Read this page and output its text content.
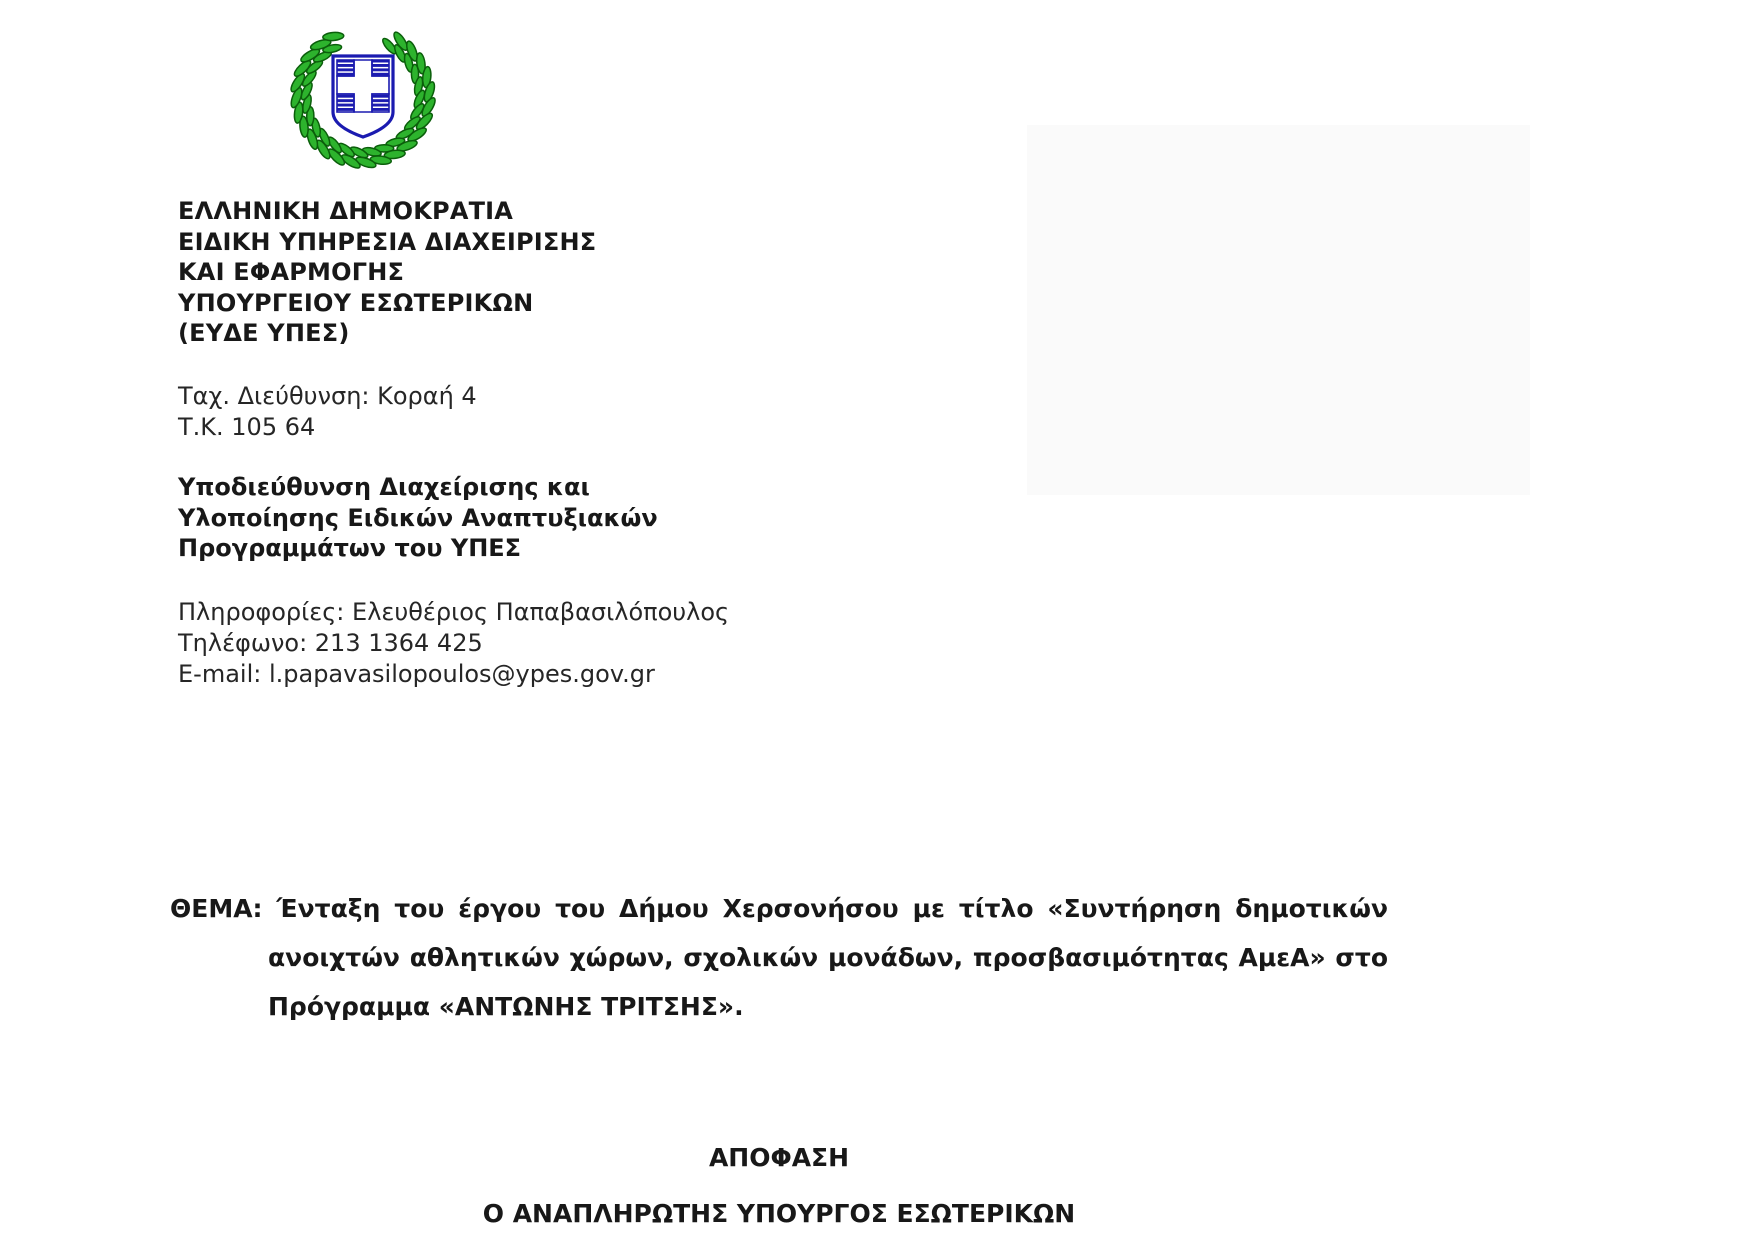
ΕΛΛΗΝΙΚΗ ΔΗΜΟΚΡΑΤΙΑ

ΕΙΔΙΚΗ ΥΠΗΡΕΣΙΑ ΔΙΑΧΕΙΡΙΣΗΣ

ΚΑΙ ΕΦΑΡΜΟΓΗΣ

ΥΠΟΥΡΓΕΙΟΥ ΕΣΩΤΕΡΙΚΩΝ

(ΕΥΔΕ ΥΠΕΣ)

Ταχ. Διεύθυνση: Κοραή 4

Τ.Κ. 105 64

Υποδιεύθυνση Διαχείρισης και

Υλοποίησης Ειδικών Αναπτυξιακών

Προγραμμάτων του ΥΠΕΣ

Πληροφορίες: Ελευθέριος Παπαβασιλόπουλος

Τηλέφωνο: 213 1364 425

E-mail: l.papavasilopoulos@ypes.gov.gr

ΘΕΜΑ: Ένταξη του έργου του Δήμου Χερσονήσου με τίτλο «Συντήρηση δημοτικών ανοιχτών αθλητικών χώρων, σχολικών μονάδων, προσβασιμότητας ΑμεΑ» στο Πρόγραμμα «ΑΝΤΩΝΗΣ ΤΡΙΤΣΗΣ».

ΑΠΟΦΑΣΗ

Ο ΑΝΑΠΛΗΡΩΤΗΣ ΥΠΟΥΡΓΟΣ ΕΣΩΤΕΡΙΚΩΝ
